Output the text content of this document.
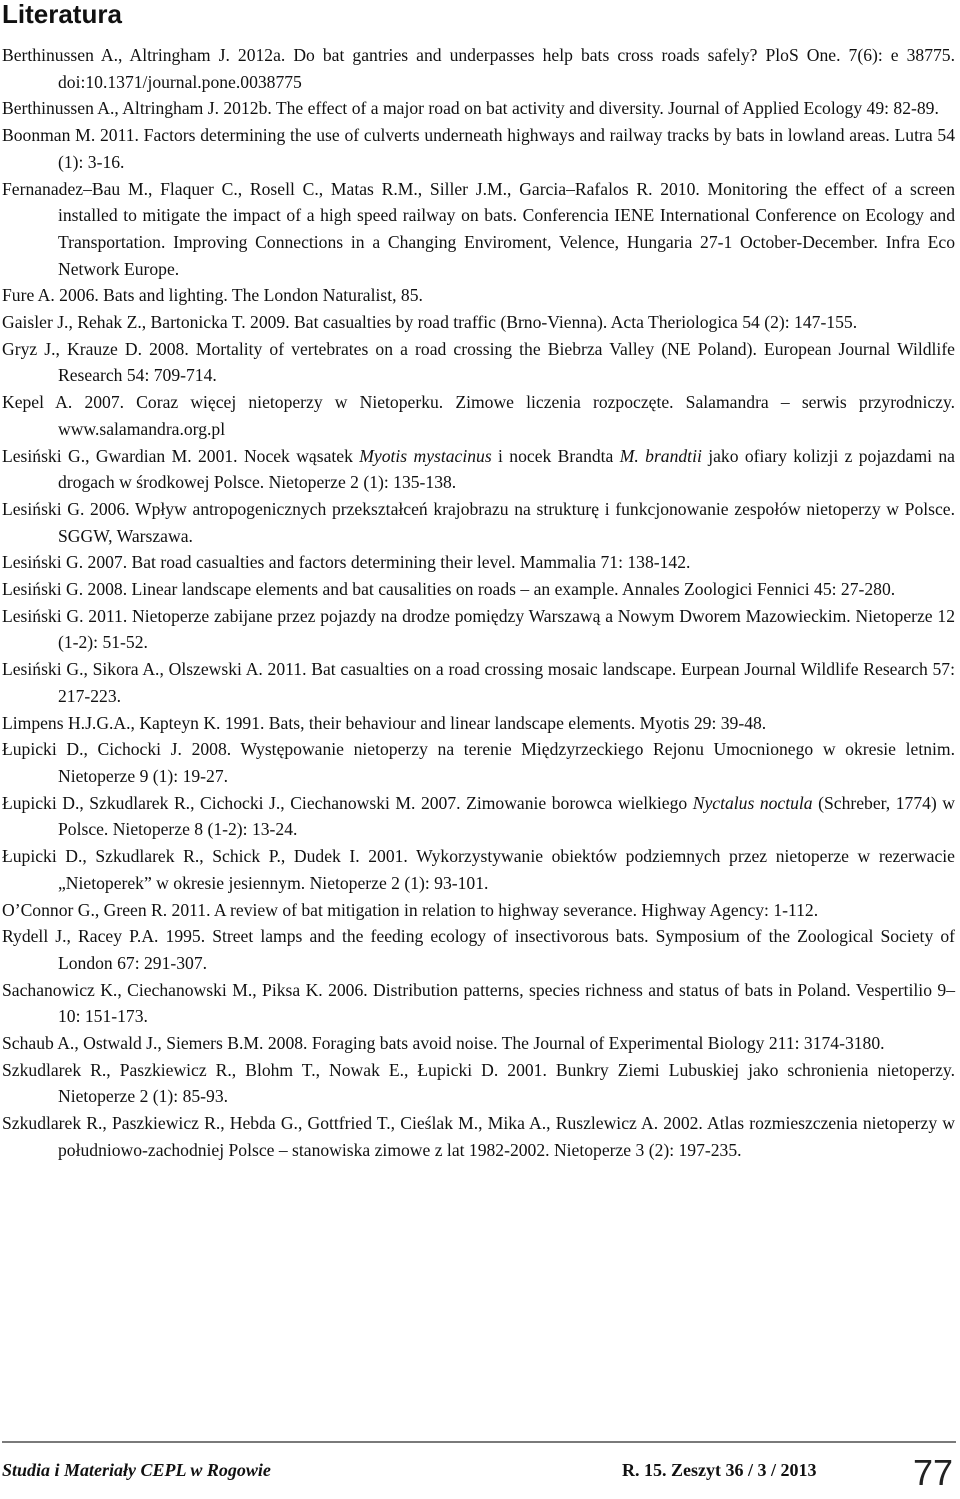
Literatura
Berthinussen A., Altringham J. 2012a. Do bat gantries and underpasses help bats cross roads safely? PloS One. 7(6): e 38775. doi:10.1371/journal.pone.0038775
Berthinussen A., Altringham J. 2012b. The effect of a major road on bat activity and diversity. Journal of Applied Ecology 49: 82-89.
Boonman M. 2011. Factors determining the use of culverts underneath highways and railway tracks by bats in lowland areas. Lutra 54 (1): 3-16.
Fernanadez–Bau M., Flaquer C., Rosell C., Matas R.M., Siller J.M., Garcia–Rafalos R. 2010. Monitoring the effect of a screen installed to mitigate the impact of a high speed railway on bats. Conferencia IENE International Conference on Ecology and Transportation. Improving Connections in a Changing Enviroment, Velence, Hungaria 27-1 October-December. Infra Eco Network Europe.
Fure A. 2006. Bats and lighting. The London Naturalist, 85.
Gaisler J., Rehak Z., Bartonicka T. 2009. Bat casualties by road traffic (Brno-Vienna). Acta Theriologica 54 (2): 147-155.
Gryz J., Krauze D. 2008. Mortality of vertebrates on a road crossing the Biebrza Valley (NE Poland). European Journal Wildlife Research 54: 709-714.
Kepel A. 2007. Coraz więcej nietoperzy w Nietoperku. Zimowe liczenia rozpoczęte. Salamandra – serwis przyrodniczy. www.salamandra.org.pl
Lesiński G., Gwardian M. 2001. Nocek wąsatek Myotis mystacinus i nocek Brandta M. brandtii jako ofiary kolizji z pojazdami na drogach w środkowej Polsce. Nietoperze 2 (1): 135-138.
Lesiński G. 2006. Wpływ antropogenicznych przekształceń krajobrazu na strukturę i funkcjonowanie zespołów nietoperzy w Polsce. SGGW, Warszawa.
Lesiński G. 2007. Bat road casualties and factors determining their level. Mammalia 71: 138-142.
Lesiński G. 2008. Linear landscape elements and bat causalities on roads – an example. Annales Zoologici Fennici 45: 27-280.
Lesiński G. 2011. Nietoperze zabijane przez pojazdy na drodze pomiędzy Warszawą a Nowym Dworem Mazowieckim. Nietoperze 12 (1-2): 51-52.
Lesiński G., Sikora A., Olszewski A. 2011. Bat casualties on a road crossing mosaic landscape. Eurpean Journal Wildlife Research 57: 217-223.
Limpens H.J.G.A., Kapteyn K. 1991. Bats, their behaviour and linear landscape elements. Myotis 29: 39-48.
Łupicki D., Cichocki J. 2008. Występowanie nietoperzy na terenie Międzyrzeckiego Rejonu Umocnionego w okresie letnim. Nietoperze 9 (1): 19-27.
Łupicki D., Szkudlarek R., Cichocki J., Ciechanowski M. 2007. Zimowanie borowca wielkiego Nyctalus noctula (Schreber, 1774) w Polsce. Nietoperze 8 (1-2): 13-24.
Łupicki D., Szkudlarek R., Schick P., Dudek I. 2001. Wykorzystywanie obiektów podziemnych przez nietoperze w rezerwacie „Nietoperek” w okresie jesiennym. Nietoperze 2 (1): 93-101.
O’Connor G., Green R. 2011. A review of bat mitigation in relation to highway severance. Highway Agency: 1-112.
Rydell J., Racey P.A. 1995. Street lamps and the feeding ecology of insectivorous bats. Symposium of the Zoological Society of London 67: 291-307.
Sachanowicz K., Ciechanowski M., Piksa K. 2006. Distribution patterns, species richness and status of bats in Poland. Vespertilio 9–10: 151-173.
Schaub A., Ostwald J., Siemers B.M. 2008. Foraging bats avoid noise. The Journal of Experimental Biology 211: 3174-3180.
Szkudlarek R., Paszkiewicz R., Blohm T., Nowak E., Łupicki D. 2001. Bunkry Ziemi Lubuskiej jako schronienia nietoperzy. Nietoperze 2 (1): 85-93.
Szkudlarek R., Paszkiewicz R., Hebda G., Gottfried T., Cieślak M., Mika A., Ruszlewicz A. 2002. Atlas rozmieszczenia nietoperzy w południowo-zachodniej Polsce – stanowiska zimowe z lat 1982-2002. Nietoperze 3 (2): 197-235.
Studia i Materiały CEPL w Rogowie	R. 15. Zeszyt 36 / 3 / 2013	77
